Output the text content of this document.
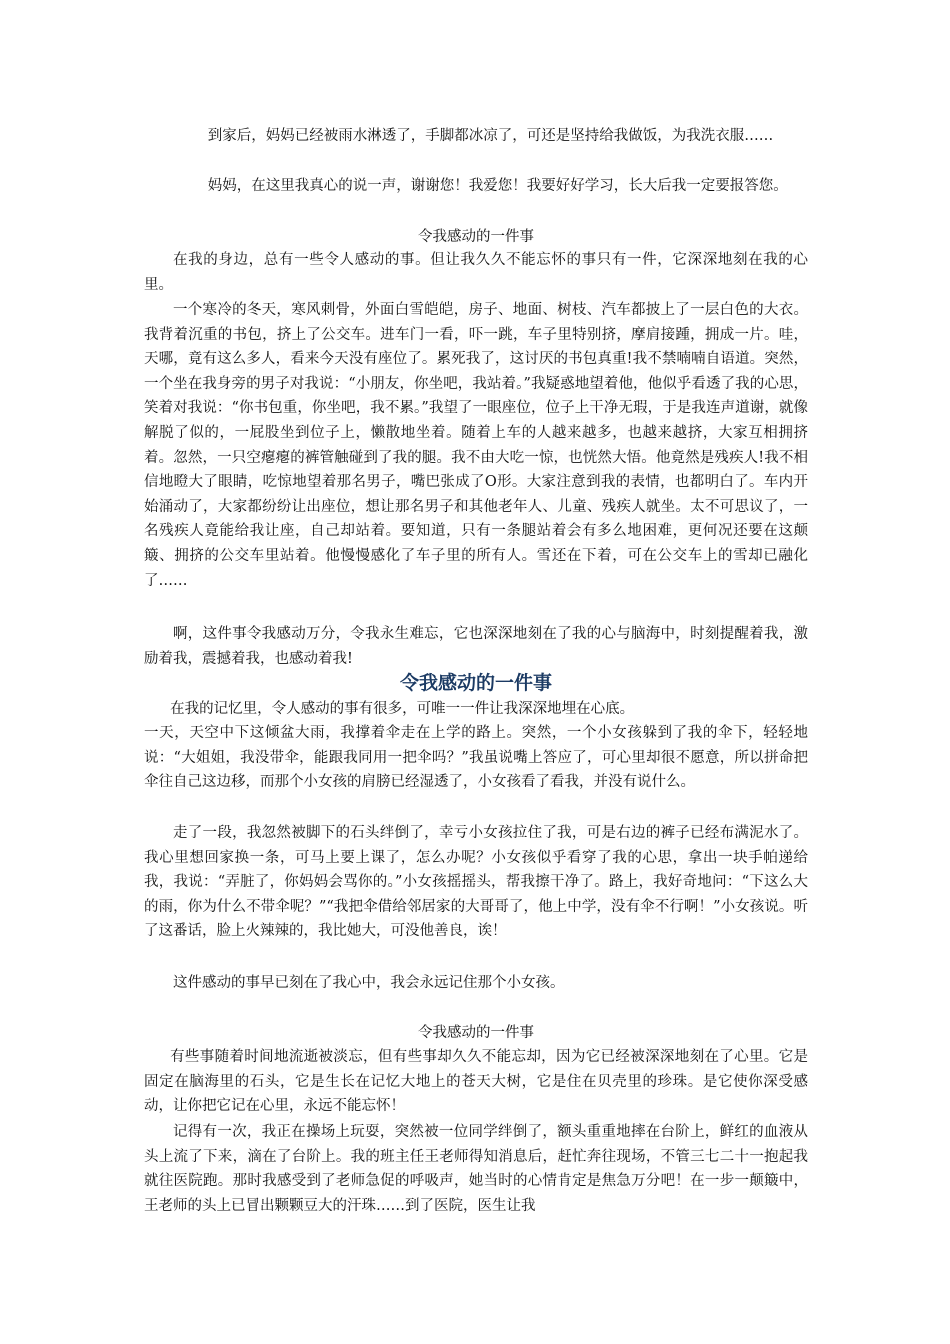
到家后，妈妈已经被雨水淋透了，手脚都冰凉了，可还是坚持给我做饭，为我洗衣服……

妈妈，在这里我真心的说一声，谢谢您！我爱您！我要好好学习，长大后我一定要报答您。

令我感动的一件事

在我的身边，总有一些令人感动的事。但让我久久不能忘怀的事只有一件，它深深地刻在我的心里。

一个寒冷的冬天，寒风刺骨，外面白雪皑皑，房子、地面、树枝、汽车都披上了一层白色的大衣。我背着沉重的书包，挤上了公交车。进车门一看，吓一跳，车子里特别挤，摩肩接踵，拥成一片。哇，天哪，竟有这么多人，看来今天没有座位了。累死我了，这讨厌的书包真重!我不禁喃喃自语道。突然，一个坐在我身旁的男子对我说：“小朋友，你坐吧，我站着。”我疑惑地望着他，他似乎看透了我的心思，笑着对我说：“你书包重，你坐吧，我不累。”我望了一眼座位，位子上干净无瑕，于是我连声道谢，就像解脱了似的，一屁股坐到位子上，懒散地坐着。随着上车的人越来越多，也越来越挤，大家互相拥挤着。忽然，一只空瘪瘪的裤管触碰到了我的腿。我不由大吃一惊，也恍然大悟。他竟然是残疾人!我不相信地瞪大了眼睛，吃惊地望着那名男子，嘴巴张成了O形。大家注意到我的表情，也都明白了。车内开始涌动了，大家都纷纷让出座位，想让那名男子和其他老年人、儿童、残疾人就坐。太不可思议了，一名残疾人竟能给我让座，自己却站着。要知道，只有一条腿站着会有多么地困难，更何况还要在这颠簸、拥挤的公交车里站着。他慢慢感化了车子里的所有人。雪还在下着，可在公交车上的雪却已融化了……

啊，这件事令我感动万分，令我永生难忘，它也深深地刻在了我的心与脑海中，时刻提醒着我，激励着我，震撼着我，也感动着我!

令我感动的一件事

在我的记忆里，令人感动的事有很多，可唯一一件让我深深地埋在心底。

一天，天空中下这倾盆大雨，我撑着伞走在上学的路上。突然，一个小女孩躲到了我的伞下，轻轻地说：“大姐姐，我没带伞，能跟我同用一把伞吗？”我虽说嘴上答应了，可心里却很不愿意，所以拼命把伞往自己这边移，而那个小女孩的肩膀已经湿透了，小女孩看了看我，并没有说什么。

走了一段，我忽然被脚下的石头绊倒了，幸亏小女孩拉住了我，可是右边的裤子已经布满泥水了。我心里想回家换一条，可马上要上课了，怎么办呢？小女孩似乎看穿了我的心思，拿出一块手帕递给我，我说：“弄脏了，你妈妈会骂你的。”小女孩摇摇头，帮我擦干净了。路上，我好奇地问：“下这么大的雨，你为什么不带伞呢？”“我把伞借给邻居家的大哥哥了，他上中学，没有伞不行啊！”小女孩说。听了这番话，脸上火辣辣的，我比她大，可没他善良，诶！

这件感动的事早已刻在了我心中，我会永远记住那个小女孩。

令我感动的一件事

有些事随着时间地流逝被淡忘，但有些事却久久不能忘却，因为它已经被深深地刻在了心里。它是固定在脑海里的石头，它是生长在记忆大地上的苍天大树，它是住在贝壳里的珍珠。是它使你深受感动，让你把它记在心里，永远不能忘怀！

记得有一次，我正在操场上玩耍，突然被一位同学绊倒了，额头重重地摔在台阶上，鲜红的血液从头上流了下来，滴在了台阶上。我的班主任王老师得知消息后，赶忙奔往现场，不管三七二十一抱起我就往医院跑。那时我感受到了老师急促的呼吸声，她当时的心情肯定是焦急万分吧！在一步一颠簸中，王老师的头上已冒出颗颗豆大的汗珠……到了医院，医生让我
